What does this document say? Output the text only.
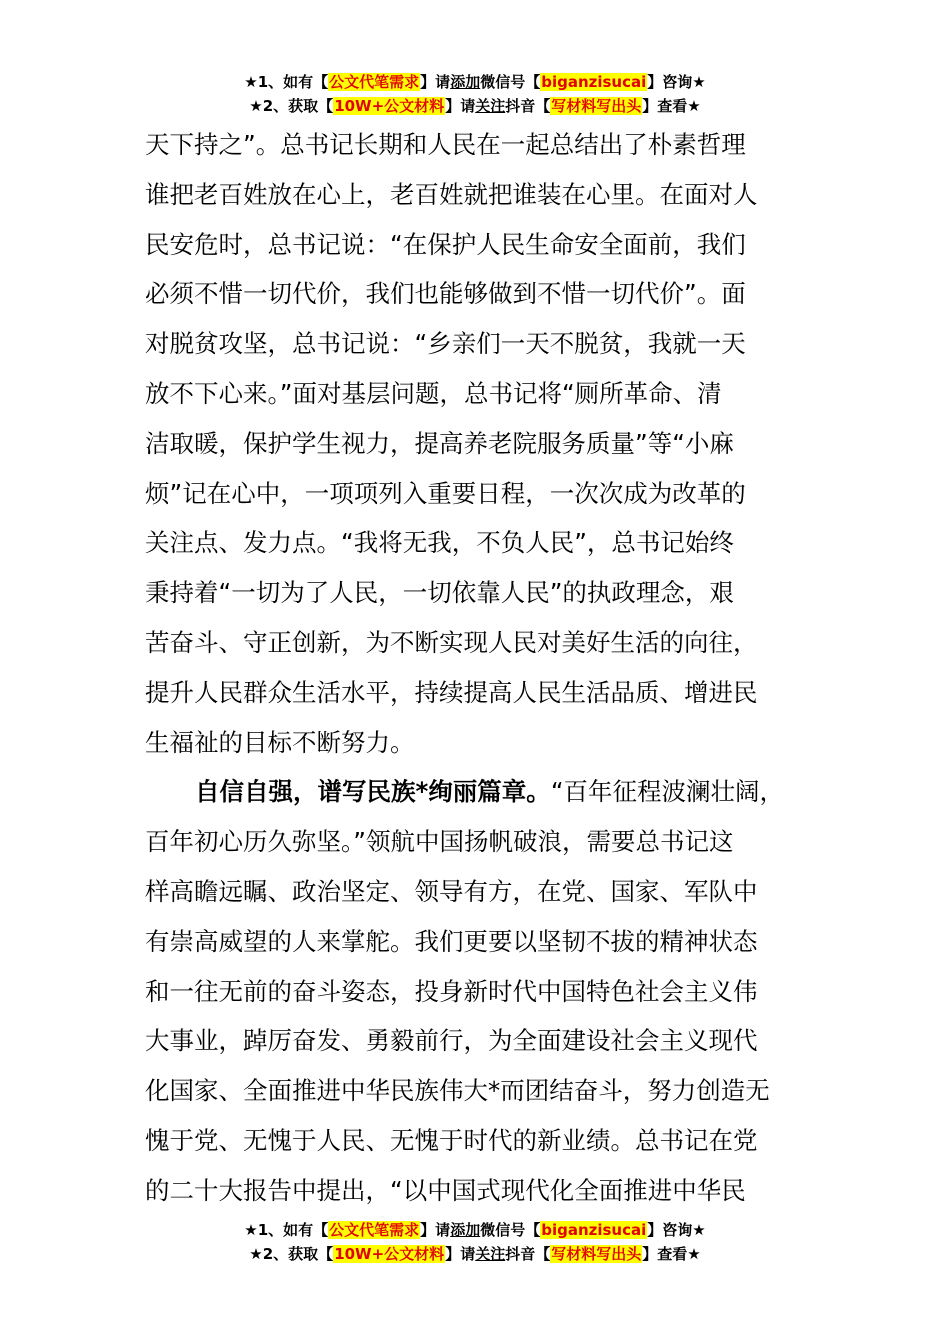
★1、如有【公文代笔需求】请添加微信号【biganzisucai】咨询★
★2、获取【10W+公文材料】请关注抖音【写材料写出头】查看★
天下持之”。总书记长期和人民在一起总结出了朴素哲理
谁把老百姓放在心上，老百姓就把谁装在心里。在面对人
民安危时，总书记说：“在保护人民生命安全面前，我们
必须不惜一切代价，我们也能够做到不惜一切代价”。面
对脱贫攻坚，总书记说：“乡亲们一天不脱贫，我就一天
放不下心来。”面对基层问题，总书记将“厕所革命、清
洁取暖，保护学生视力，提高养老院服务质量”等“小麻
烦”记在心中，一项项列入重要日程，一次次成为改革的
关注点、发力点。“我将无我，不负人民”，总书记始终
秉持着“一切为了人民，一切依靠人民”的执政理念，艰
苦奋斗、守正创新，为不断实现人民对美好生活的向往，
提升人民群众生活水平，持续提高人民生活品质、增进民
生福祉的目标不断努力。
自信自强，谱写民族*绚丽篇章。“百年征程波澜壮阔，
百年初心历久弥坚。”领航中国扬帆破浪，需要总书记这
样高瞻远瞩、政治坚定、领导有方，在党、国家、军队中
有崇高威望的人来掌舵。我们更要以坚韧不拔的精神状态
和一往无前的奋斗姿态，投身新时代中国特色社会主义伟
大事业，踔厉奋发、勇毅前行，为全面建设社会主义现代
化国家、全面推进中华民族伟大*而团结奋斗，努力创造无
愧于党、无愧于人民、无愧于时代的新业绩。总书记在党
的二十大报告中提出，“以中国式现代化全面推进中华民
★1、如有【公文代笔需求】请添加微信号【biganzisucai】咨询★
★2、获取【10W+公文材料】请关注抖音【写材料写出头】查看★
